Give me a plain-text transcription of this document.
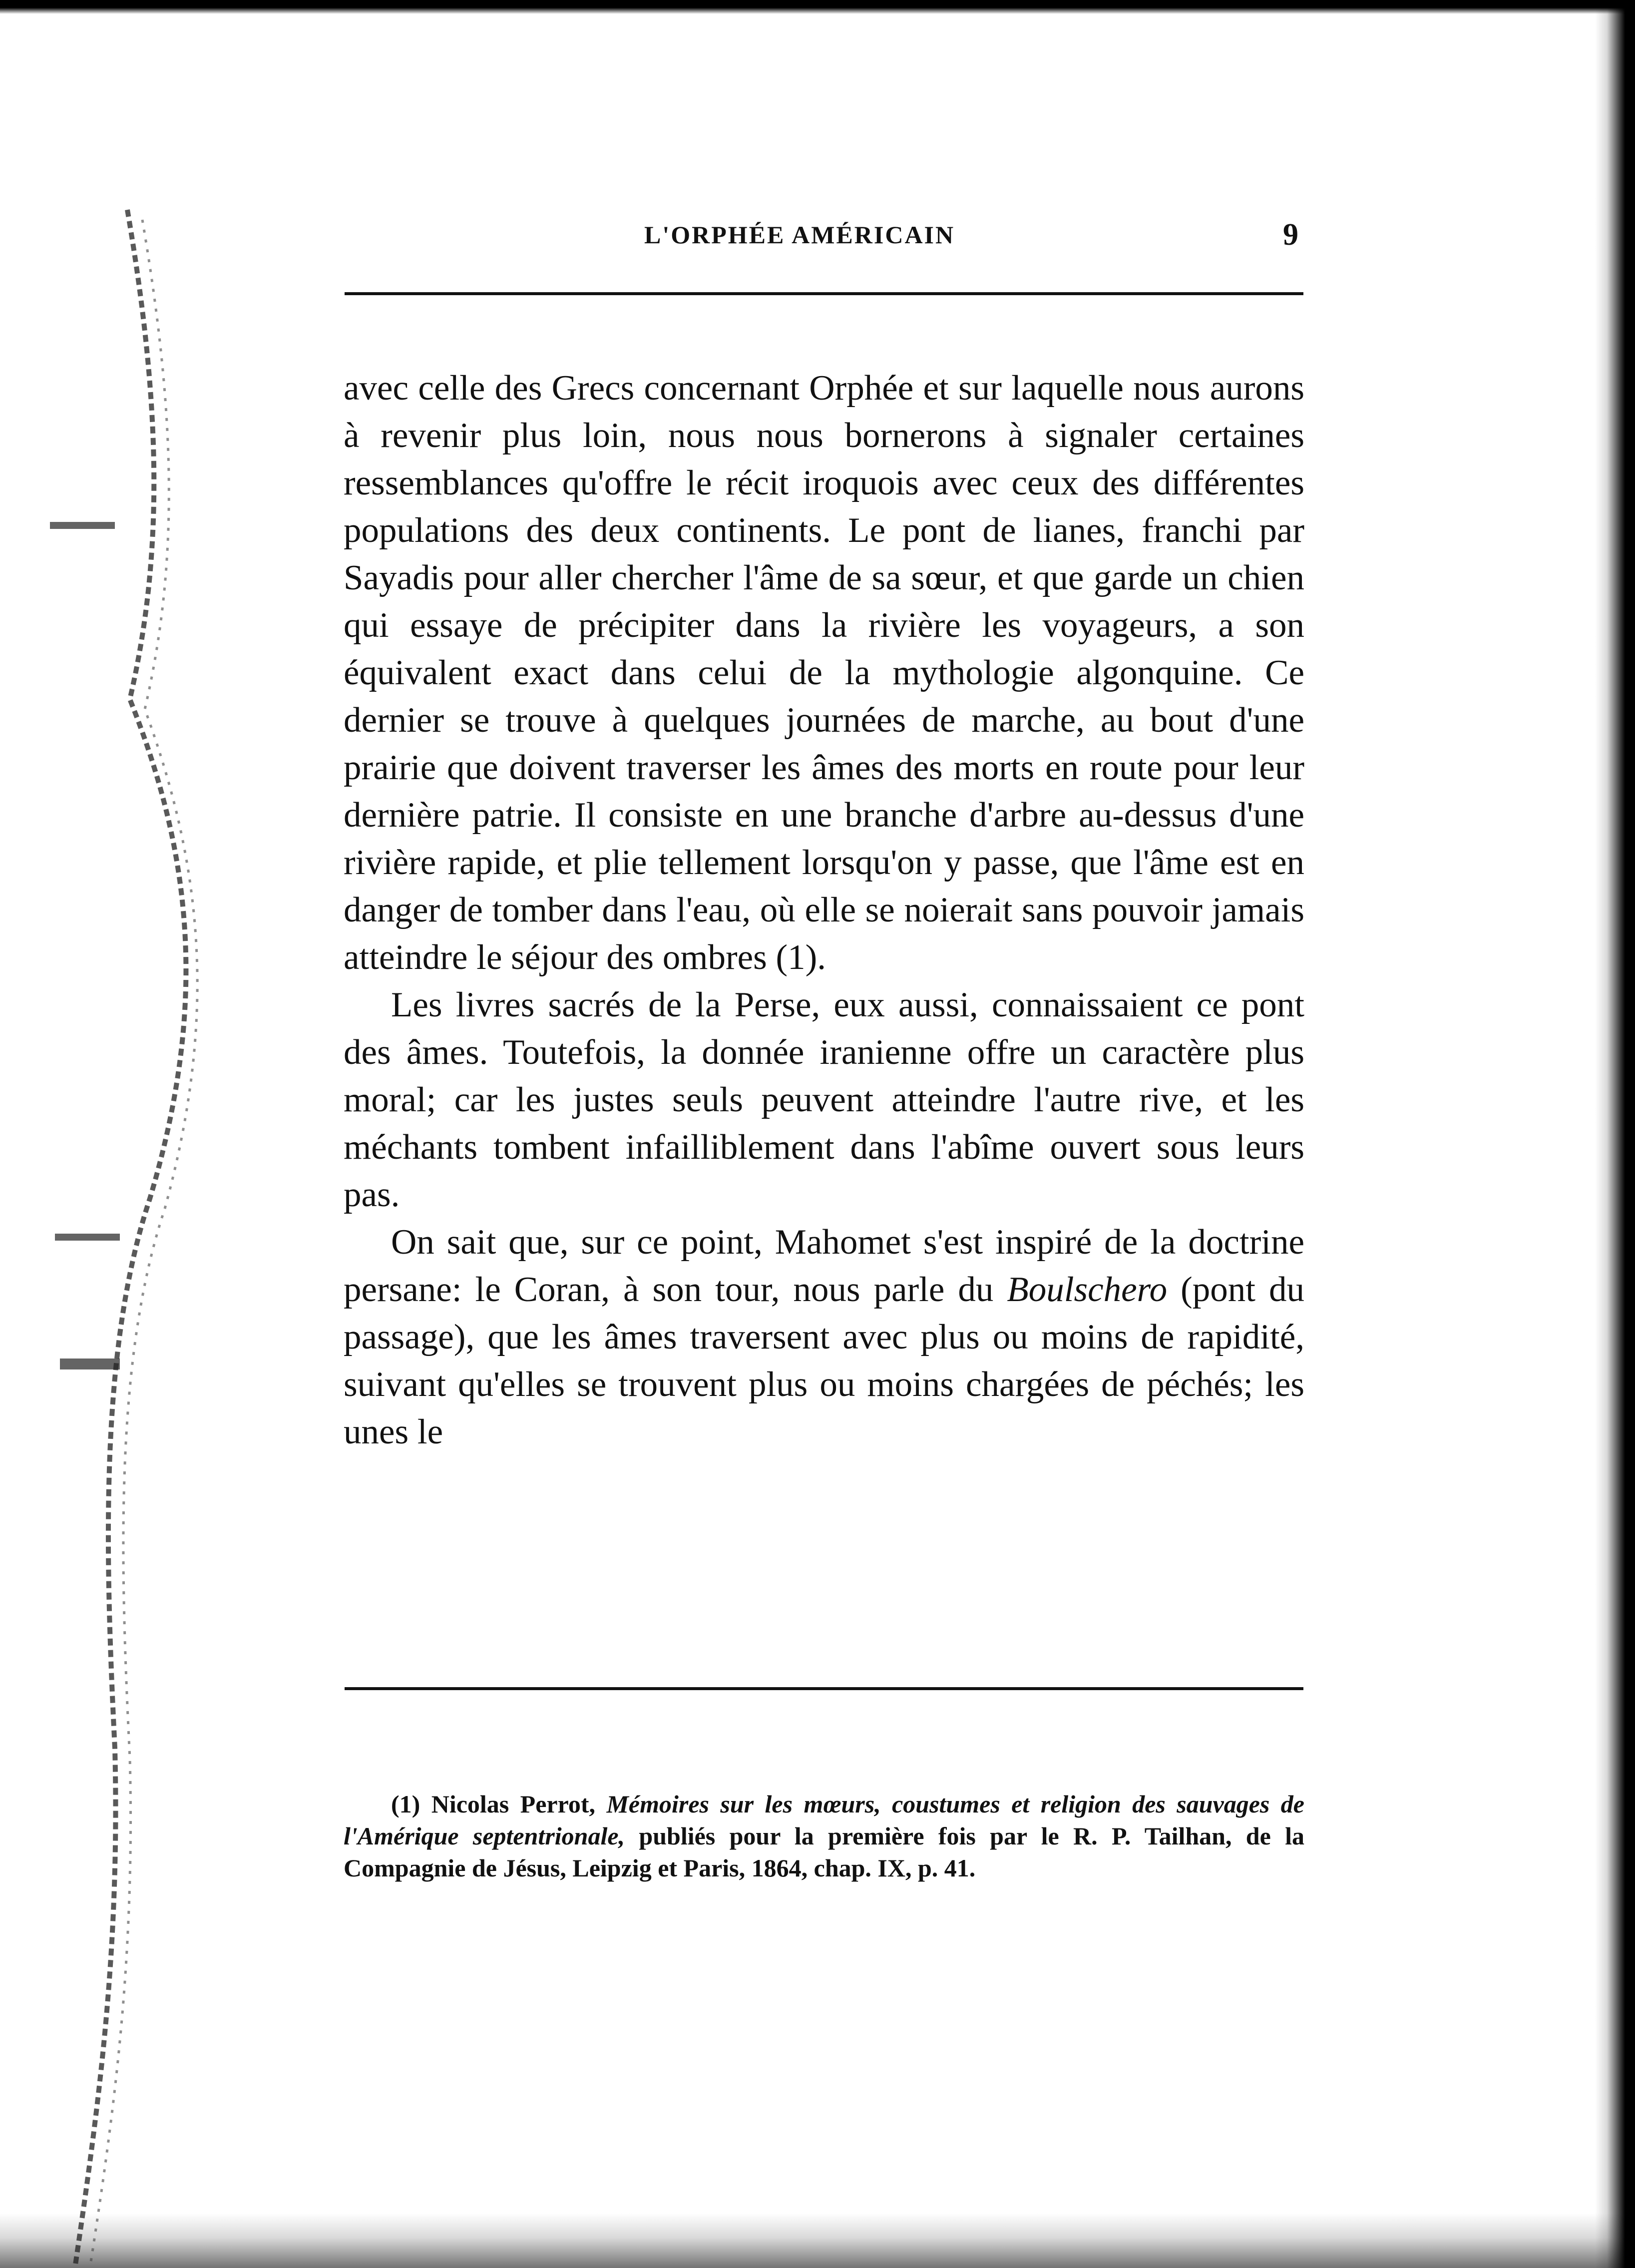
L'ORPHÉE AMÉRICAIN	9

avec celle des Grecs concernant Orphée et sur laquelle nous aurons à revenir plus loin, nous nous bornerons à signaler certaines ressemblances qu'offre le récit iroquois avec ceux des différentes populations des deux continents. Le pont de lianes, franchi par Sayadis pour aller chercher l'âme de sa sœur, et que garde un chien qui essaye de précipiter dans la rivière les voyageurs, a son équivalent exact dans celui de la mythologie algonquine. Ce dernier se trouve à quelques journées de marche, au bout d'une prairie que doivent traverser les âmes des morts en route pour leur dernière patrie. Il consiste en une branche d'arbre au-dessus d'une rivière rapide, et plie tellement lorsqu'on y passe, que l'âme est en danger de tomber dans l'eau, où elle se noierait sans pouvoir jamais atteindre le séjour des ombres (1).

Les livres sacrés de la Perse, eux aussi, connaissaient ce pont des âmes. Toutefois, la donnée iranienne offre un caractère plus moral; car les justes seuls peuvent atteindre l'autre rive, et les méchants tombent infailliblement dans l'abîme ouvert sous leurs pas.

On sait que, sur ce point, Mahomet s'est inspiré de la doctrine persane: le Coran, à son tour, nous parle du Boulschero (pont du passage), que les âmes traversent avec plus ou moins de rapidité, suivant qu'elles se trouvent plus ou moins chargées de péchés; les unes le

(1) Nicolas Perrot, Mémoires sur les mœurs, coustumes et religion des sauvages de l'Amérique septentrionale, publiés pour la première fois par le R. P. Tailhan, de la Compagnie de Jésus, Leipzig et Paris, 1864, chap. IX, p. 41.
